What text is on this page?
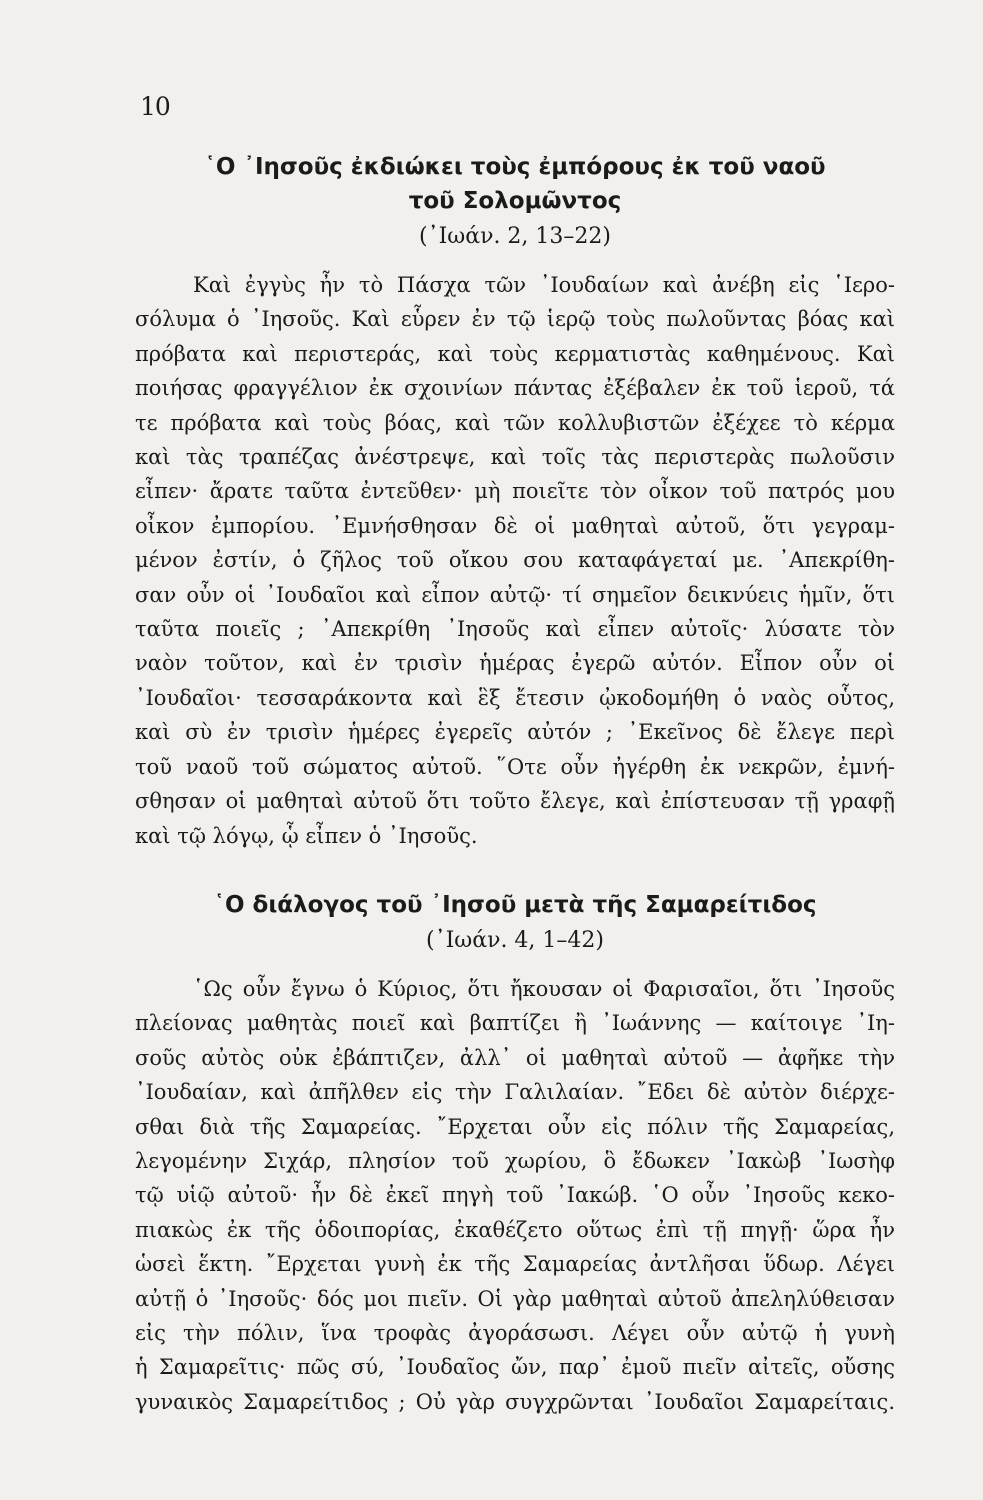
10
῾Ο ᾿Ιησοῦς ἐκδιώκει τοὺς ἐμπόρους ἐκ τοῦ ναοῦ
τοῦ Σολομῶντος
(᾿Ιωάν. 2, 13–22)

Καὶ ἐγγὺς ἦν τὸ Πάσχα τῶν ᾿Ιουδαίων καὶ ἀνέβη εἰς ῾Ιερο-
σόλυμα ὁ ᾿Ιησοῦς. Καὶ εὗρεν ἐν τῷ ἱερῷ τοὺς πωλοῦντας βόας καὶ
πρόβατα καὶ περιστεράς, καὶ τοὺς κερματιστὰς καθημένους. Καὶ
ποιήσας φραγγέλιον ἐκ σχοινίων πάντας ἐξέβαλεν ἐκ τοῦ ἱεροῦ, τά
τε πρόβατα καὶ τοὺς βόας, καὶ τῶν κολλυβιστῶν ἐξέχεε τὸ κέρμα
καὶ τὰς τραπέζας ἀνέστρεψε, καὶ τοῖς τὰς περιστερὰς πωλοῦσιν
εἶπεν· ἄρατε ταῦτα ἐντεῦθεν· μὴ ποιεῖτε τὸν οἶκον τοῦ πατρός μου
οἶκον ἐμπορίου. ᾿Εμνήσθησαν δὲ οἱ μαθηταὶ αὐτοῦ, ὅτι γεγραμ-
μένον ἐστίν, ὁ ζῆλος τοῦ οἴκου σου καταφάγεταί με. ᾿Απεκρίθη-
σαν οὖν οἱ ᾿Ιουδαῖοι καὶ εἶπον αὐτῷ· τί σημεῖον δεικνύεις ἡμῖν, ὅτι
ταῦτα ποιεῖς ; ᾿Απεκρίθη ᾿Ιησοῦς καὶ εἶπεν αὐτοῖς· λύσατε τὸν
ναὸν τοῦτον, καὶ ἐν τρισὶν ἡμέρας ἐγερῶ αὐτόν. Εἶπον οὖν οἱ
᾿Ιουδαῖοι· τεσσαράκοντα καὶ ἓξ ἔτεσιν ᾠκοδομήθη ὁ ναὸς οὗτος,
καὶ σὺ ἐν τρισὶν ἡμέρες ἐγερεῖς αὐτόν ; ᾿Εκεῖνος δὲ ἔλεγε περὶ
τοῦ ναοῦ τοῦ σώματος αὐτοῦ. ῞Οτε οὖν ἠγέρθη ἐκ νεκρῶν, ἐμνή-
σθησαν οἱ μαθηταὶ αὐτοῦ ὅτι τοῦτο ἔλεγε, καὶ ἐπίστευσαν τῇ γραφῇ
καὶ τῷ λόγῳ, ᾧ εἶπεν ὁ ᾿Ιησοῦς.

῾Ο διάλογος τοῦ ᾿Ιησοῦ μετὰ τῆς Σαμαρείτιδος
(᾿Ιωάν. 4, 1–42)

῾Ως οὖν ἔγνω ὁ Κύριος, ὅτι ἤκουσαν οἱ Φαρισαῖοι, ὅτι ᾿Ιησοῦς
πλείονας μαθητὰς ποιεῖ καὶ βαπτίζει ἢ ᾿Ιωάννης — καίτοιγε ᾿Ιη-
σοῦς αὐτὸς οὐκ ἐβάπτιζεν, ἀλλ᾿ οἱ μαθηταὶ αὐτοῦ — ἀφῆκε τὴν
᾿Ιουδαίαν, καὶ ἀπῆλθεν εἰς τὴν Γαλιλαίαν. ῎Εδει δὲ αὐτὸν διέρχε-
σθαι διὰ τῆς Σαμαρείας. ῎Ερχεται οὖν εἰς πόλιν τῆς Σαμαρείας,
λεγομένην Σιχάρ, πλησίον τοῦ χωρίου, ὃ ἔδωκεν ᾿Ιακὼβ ᾿Ιωσὴφ
τῷ υἱῷ αὐτοῦ· ἦν δὲ ἐκεῖ πηγὴ τοῦ ᾿Ιακώβ. ῾Ο οὖν ᾿Ιησοῦς κεκο-
πιακὼς ἐκ τῆς ὁδοιπορίας, ἐκαθέζετο οὕτως ἐπὶ τῇ πηγῇ· ὥρα ἦν
ὡσεὶ ἕκτη. ῎Ερχεται γυνὴ ἐκ τῆς Σαμαρείας ἀντλῆσαι ὕδωρ. Λέγει
αὐτῇ ὁ ᾿Ιησοῦς· δός μοι πιεῖν. Οἱ γὰρ μαθηταὶ αὐτοῦ ἀπεληλύθεισαν
εἰς τὴν πόλιν, ἵνα τροφὰς ἀγοράσωσι. Λέγει οὖν αὐτῷ ἡ γυνὴ
ἡ Σαμαρεῖτις· πῶς σύ, ᾿Ιουδαῖος ὤν, παρ᾿ ἐμοῦ πιεῖν αἰτεῖς, οὔσης
γυναικὸς Σαμαρείτιδος ; Οὐ γὰρ συγχρῶνται ᾿Ιουδαῖοι Σαμαρείταις.
